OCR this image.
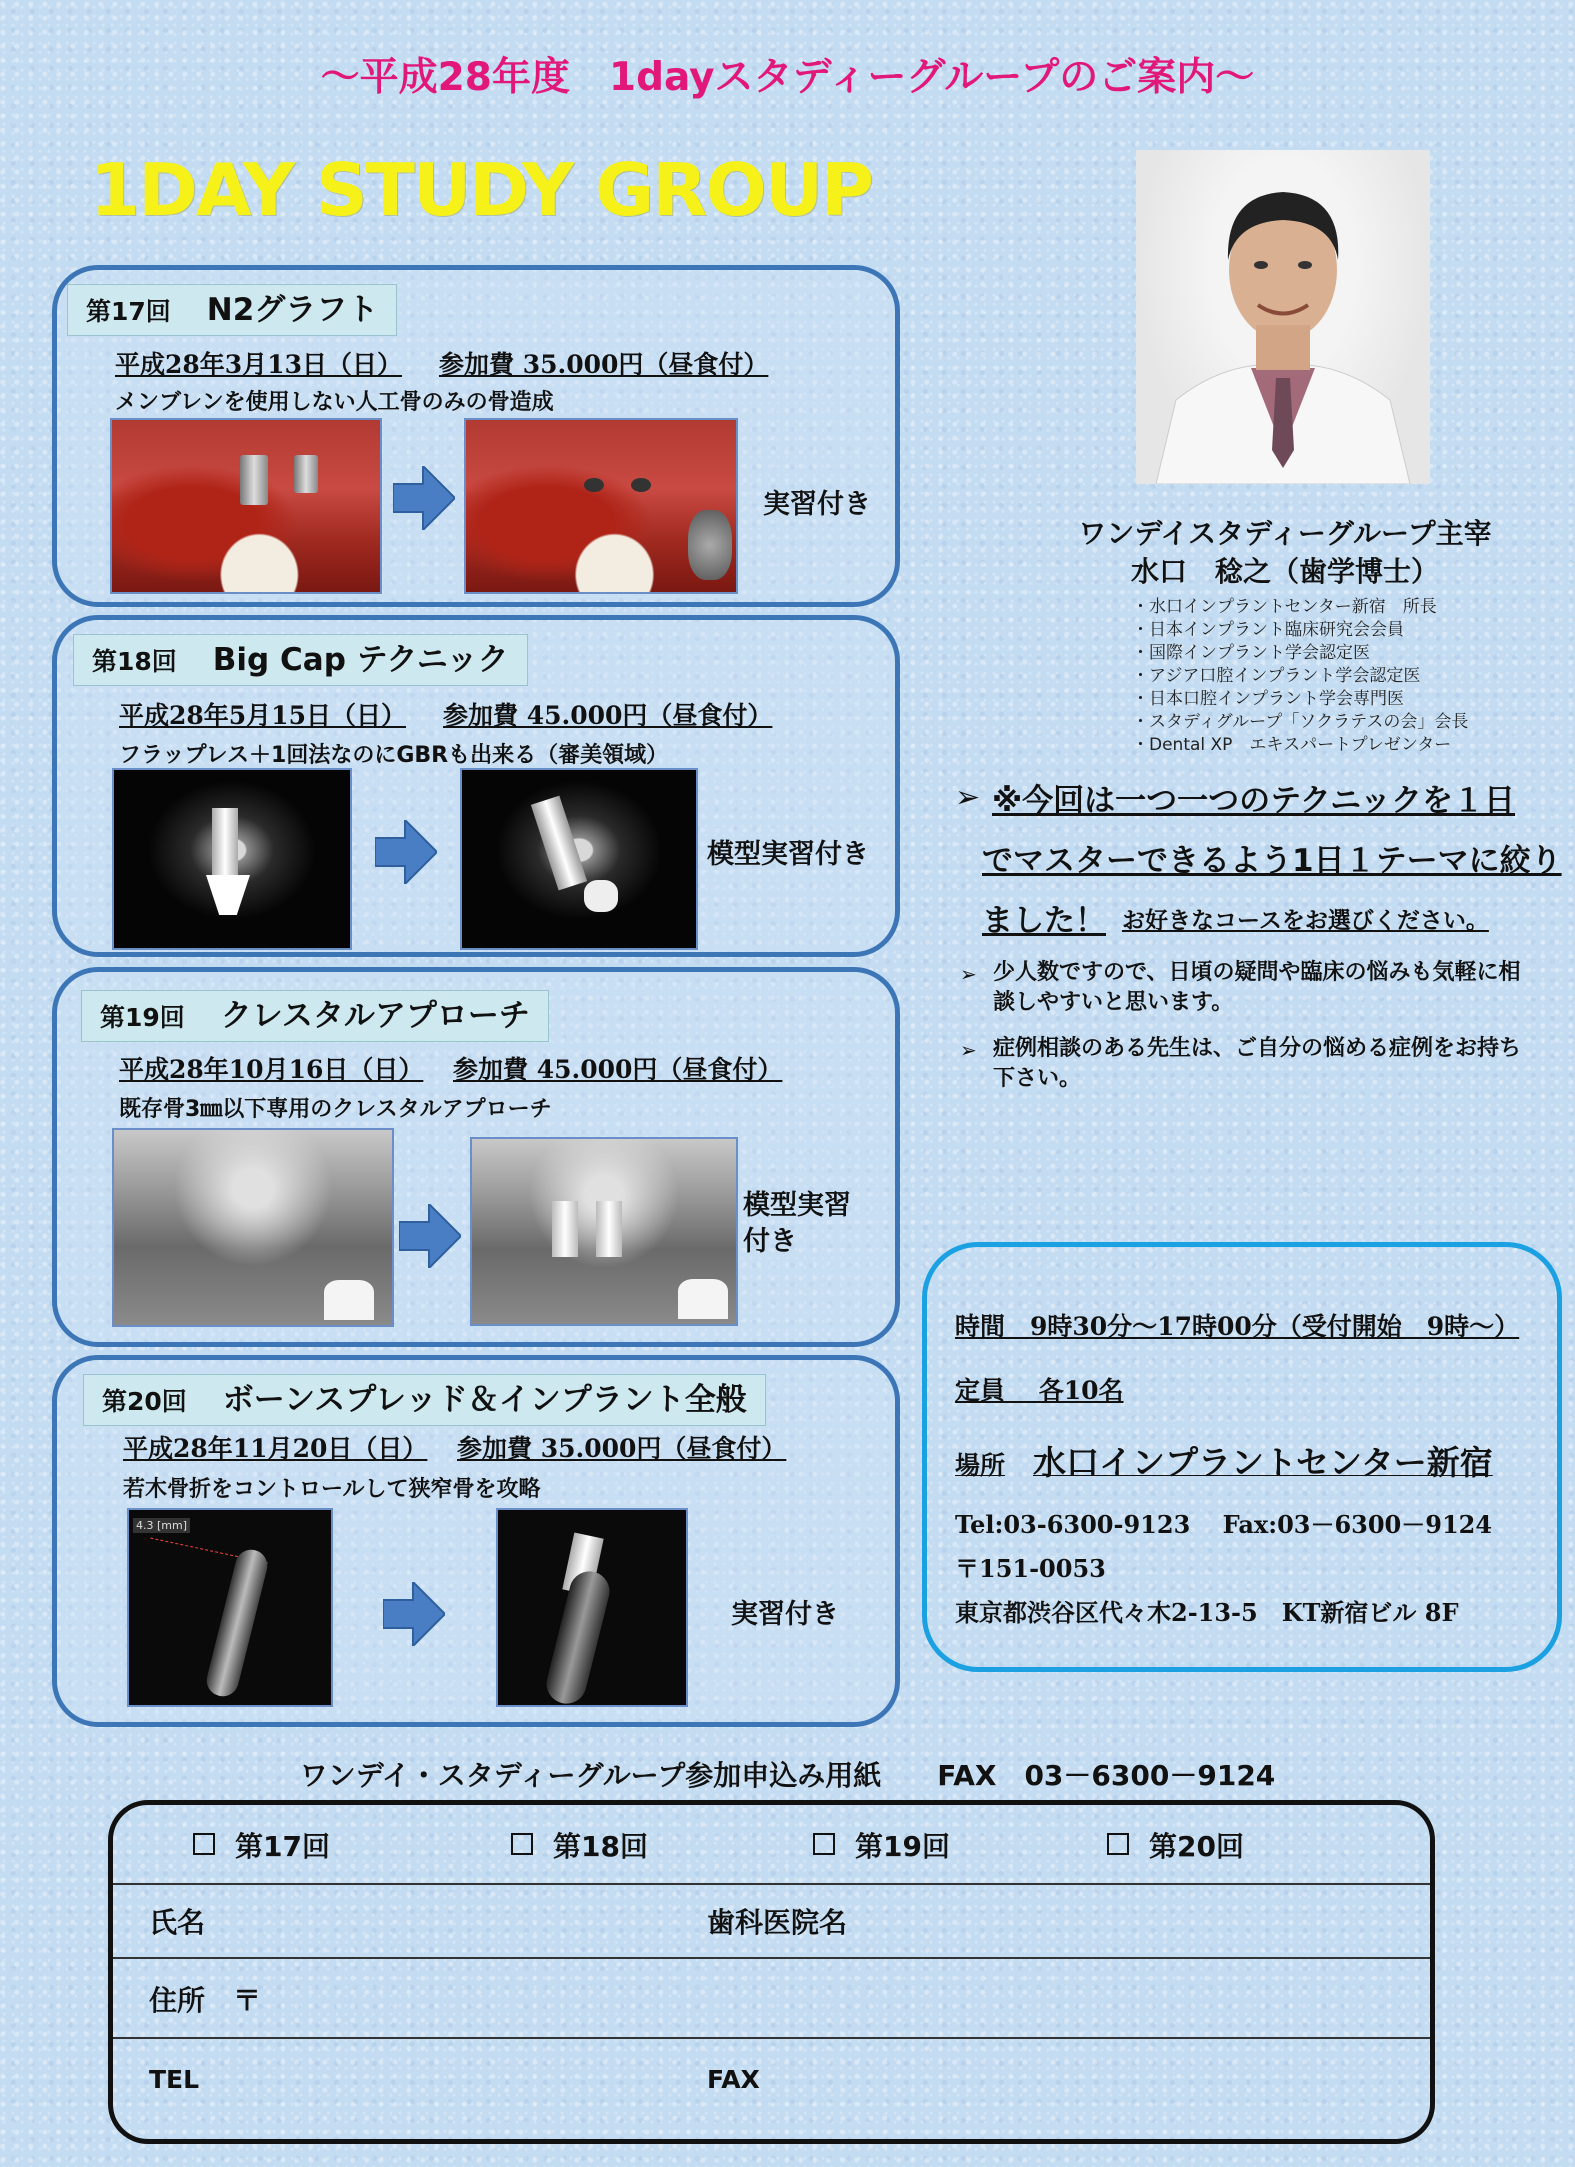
～平成28年度　1dayスタディーグループのご案内～
1DAY STUDY GROUP
第17回 N2グラフト
平成28年3月13日（日） 参加費 35.000円（昼食付）
メンブレンを使用しない人工骨のみの骨造成
実習付き
第18回 Big Cap テクニック
平成28年5月15日（日） 参加費 45.000円（昼食付）
フラップレス＋1回法なのにGBRも出来る（審美領域）
模型実習付き
第19回 クレスタルアプローチ
平成28年10月16日（日） 参加費 45.000円（昼食付）
既存骨3㎜以下専用のクレスタルアプローチ
模型実習
付き
第20回 ボーンスプレッド＆インプラント全般
平成28年11月20日（日） 参加費 35.000円（昼食付）
若木骨折をコントロールして狭窄骨を攻略
4.3 [mm]
実習付き
ワンデイスタディーグループ主宰
水口　稔之（歯学博士）
・水口インプラントセンター新宿　所長
・日本インプラント臨床研究会会員
・国際インプラント学会認定医
・アジア口腔インプラント学会認定医
・日本口腔インプラント学会専門医
・スタディグループ「ソクラテスの会」会長
・Dental XP　エキスパートプレゼンター
➢ ※今回は一つ一つのテクニックを１日
でマスターできるよう1日１テーマに絞り
ました！ お好きなコースをお選びください。
➢ 少人数ですので、日頃の疑問や臨床の悩みも気軽に相談しやすいと思います。
➢ 症例相談のある先生は、ご自分の悩める症例をお持ち下さい。
時間　9時30分～17時00分（受付開始　9時～）
定員　 各10名
場所 水口インプラントセンター新宿
Tel:03-6300-9123　 Fax:03－6300－9124
〒151-0053
東京都渋谷区代々木2-13-5　KT新宿ビル 8F
ワンデイ・スタディーグループ参加申込み用紙　　FAX　03－6300－9124
第17回	第18回	第19回	第20回
氏名	歯科医院名
住所　〒
TEL	FAX
